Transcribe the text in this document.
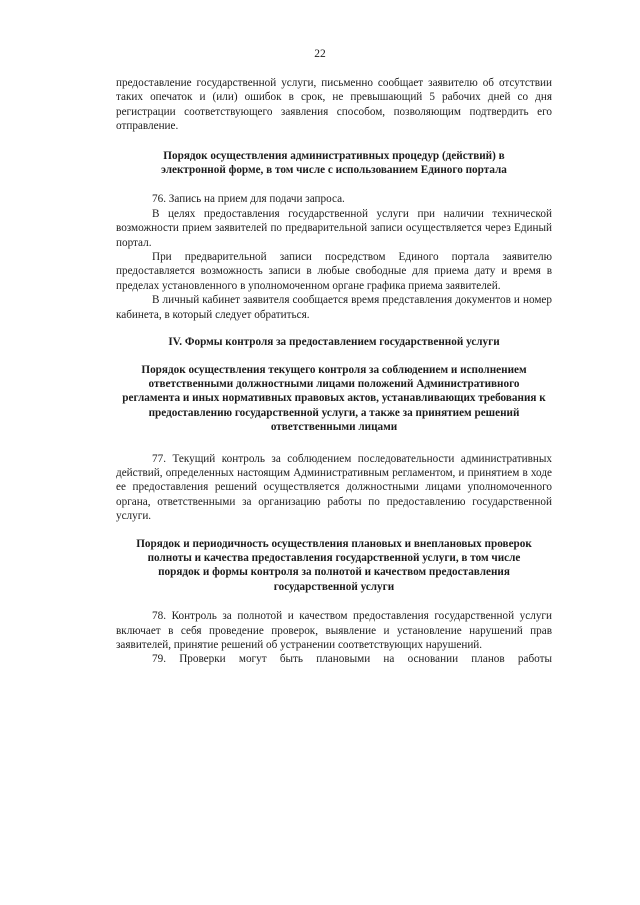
22

предоставление государственной услуги, письменно сообщает заявителю об отсутствии таких опечаток и (или) ошибок в срок, не превышающий 5 рабочих дней со дня регистрации соответствующего заявления способом, позволяющим подтвердить его отправление.

Порядок осуществления административных процедур (действий) в электронной форме, в том числе с использованием Единого портала

76. Запись на прием для подачи запроса.

В целях предоставления государственной услуги при наличии технической возможности прием заявителей по предварительной записи осуществляется через Единый портал.

При предварительной записи посредством Единого портала заявителю предоставляется возможность записи в любые свободные для приема дату и время в пределах установленного в уполномоченном органе графика приема заявителей.

В личный кабинет заявителя сообщается время представления документов и номер кабинета, в который следует обратиться.

IV. Формы контроля за предоставлением государственной услуги

Порядок осуществления текущего контроля за соблюдением и исполнением ответственными должностными лицами положений Административного регламента и иных нормативных правовых актов, устанавливающих требования к предоставлению государственной услуги, а также за принятием решений ответственными лицами

77. Текущий контроль за соблюдением последовательности административных действий, определенных настоящим Административным регламентом, и принятием в ходе ее предоставления решений осуществляется должностными лицами уполномоченного органа, ответственными за организацию работы по предоставлению государственной услуги.

Порядок и периодичность осуществления плановых и внеплановых проверок полноты и качества предоставления государственной услуги, в том числе порядок и формы контроля за полнотой и качеством предоставления государственной услуги

78. Контроль за полнотой и качеством предоставления государственной услуги включает в себя проведение проверок, выявление и установление нарушений прав заявителей, принятие решений об устранении соответствующих нарушений.

79. Проверки могут быть плановыми на основании планов работы
